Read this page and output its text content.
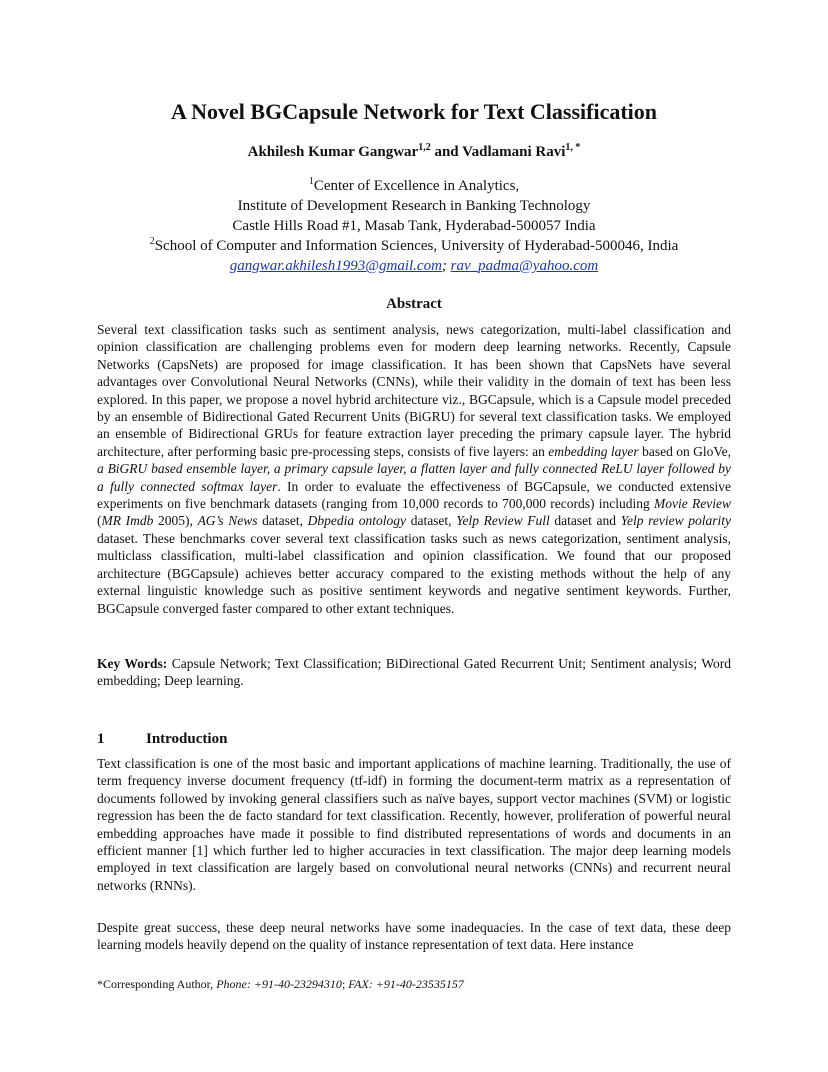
A Novel BGCapsule Network for Text Classification
Akhilesh Kumar Gangwar$^{1,2}$ and Vadlamani Ravi$^{1, *}$
$^1$Center of Excellence in Analytics,
Institute of Development Research in Banking Technology
Castle Hills Road #1, Masab Tank, Hyderabad-500057 India
$^2$School of Computer and Information Sciences, University of Hyderabad-500046, India
gangwar.akhilesh1993@gmail.com; rav_padma@yahoo.com
Abstract

Several text classification tasks such as sentiment analysis, news categorization, multi-label classification and opinion classification are challenging problems even for modern deep learning networks. Recently, Capsule Networks (CapsNets) are proposed for image classification. It has been shown that CapsNets have several advantages over Convolutional Neural Networks (CNNs), while their validity in the domain of text has been less explored. In this paper, we propose a novel hybrid architecture viz., BGCapsule, which is a Capsule model preceded by an ensemble of Bidirectional Gated Recurrent Units (BiGRU) for several text classification tasks. We employed an ensemble of Bidirectional GRUs for feature extraction layer preceding the primary capsule layer. The hybrid architecture, after performing basic pre-processing steps, consists of five layers: an embedding layer based on GloVe, a BiGRU based ensemble layer, a primary capsule layer, a flatten layer and fully connected ReLU layer followed by a fully connected softmax layer. In order to evaluate the effectiveness of BGCapsule, we conducted extensive experiments on five benchmark datasets (ranging from 10,000 records to 700,000 records) including Movie Review (MR Imdb 2005), AG’s News dataset, Dbpedia ontology dataset, Yelp Review Full dataset and Yelp review polarity dataset. These benchmarks cover several text classification tasks such as news categorization, sentiment analysis, multiclass classification, multi-label classification and opinion classification. We found that our proposed architecture (BGCapsule) achieves better accuracy compared to the existing methods without the help of any external linguistic knowledge such as positive sentiment keywords and negative sentiment keywords. Further, BGCapsule converged faster compared to other extant techniques.

Key Words: Capsule Network; Text Classification; BiDirectional Gated Recurrent Unit; Sentiment analysis; Word embedding; Deep learning.

1	Introduction

Text classification is one of the most basic and important applications of machine learning. Traditionally, the use of term frequency inverse document frequency (tf-idf) in forming the document-term matrix as a representation of documents followed by invoking general classifiers such as naïve bayes, support vector machines (SVM) or logistic regression has been the de facto standard for text classification. Recently, however, proliferation of powerful neural embedding approaches have made it possible to find distributed representations of words and documents in an efficient manner [1] which further led to higher accuracies in text classification. The major deep learning models employed in text classification are largely based on convolutional neural networks (CNNs) and recurrent neural networks (RNNs).

Despite great success, these deep neural networks have some inadequacies. In the case of text data, these deep learning models heavily depend on the quality of instance representation of text data. Here instance

*Corresponding Author, Phone: +91-40-23294310; FAX: +91-40-23535157
